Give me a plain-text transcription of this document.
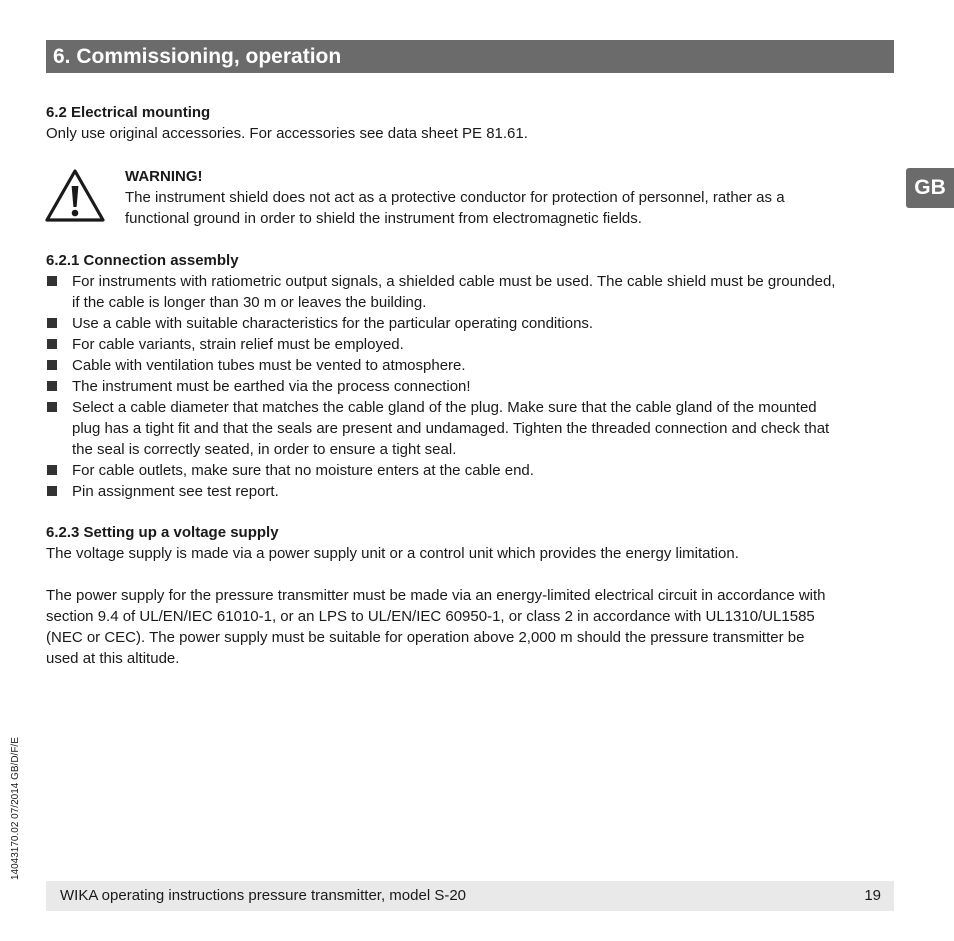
6. Commissioning, operation
GB
6.2 Electrical mounting
Only use original accessories. For accessories see data sheet PE 81.61.
WARNING!
The instrument shield does not act as a protective conductor for protection of personnel, rather as a
functional ground in order to shield the instrument from electromagnetic fields.
6.2.1 Connection assembly
For instruments with ratiometric output signals, a shielded cable must be used. The cable shield must be grounded,
if the cable is longer than 30 m or leaves the building.
Use a cable with suitable characteristics for the particular operating conditions.
For cable variants, strain relief must be employed.
Cable with ventilation tubes must be vented to atmosphere.
The instrument must be earthed via the process connection!
Select a cable diameter that matches the cable gland of the plug. Make sure that the cable gland of the mounted
plug has a tight fit and that the seals are present and undamaged. Tighten the threaded connection and check that
the seal is correctly seated, in order to ensure a tight seal.
For cable outlets, make sure that no moisture enters at the cable end.
Pin assignment see test report.
6.2.3 Setting up a voltage supply
The voltage supply is made via a power supply unit or a control unit which provides the energy limitation.
The power supply for the pressure transmitter must be made via an energy-limited electrical circuit in accordance with
section 9.4 of UL/EN/IEC 61010-1, or an LPS to UL/EN/IEC 60950-1, or class 2 in accordance with UL1310/UL1585
(NEC or CEC). The power supply must be suitable for operation above 2,000 m should the pressure transmitter be
used at this altitude.
14043170.02 07/2014 GB/D/F/E
WIKA operating instructions pressure transmitter, model S-20	19
